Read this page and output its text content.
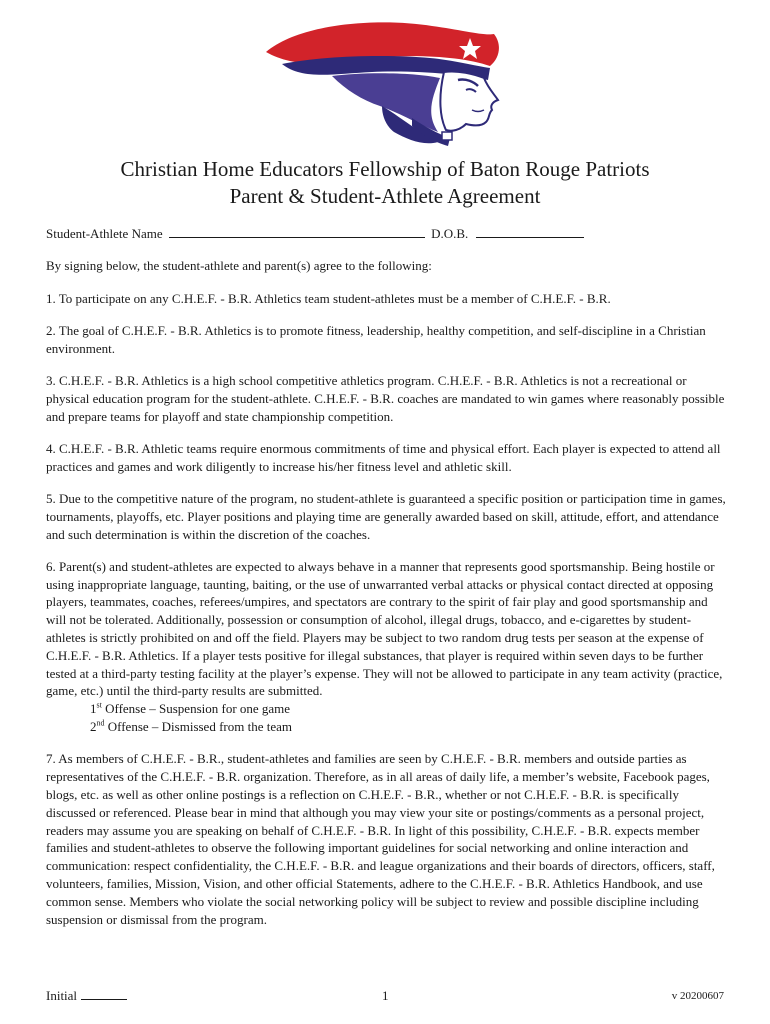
Christian Home Educators Fellowship of Baton Rouge Patriots
Parent & Student-Athlete Agreement

Student-Athlete Name	D.O.B.

By signing below, the student-athlete and parent(s) agree to the following:

1. To participate on any C.H.E.F. - B.R. Athletics team student-athletes must be a member of C.H.E.F. - B.R.

2. The goal of C.H.E.F. - B.R. Athletics is to promote fitness, leadership, healthy competition, and self-discipline in a Christian environment.

3. C.H.E.F. - B.R. Athletics is a high school competitive athletics program. C.H.E.F. - B.R. Athletics is not a recreational or physical education program for the student-athlete. C.H.E.F. - B.R. coaches are mandated to win games where reasonably possible and prepare teams for playoff and state championship competition.

4. C.H.E.F. - B.R. Athletic teams require enormous commitments of time and physical effort. Each player is expected to attend all practices and games and work diligently to increase his/her fitness level and athletic skill.

5. Due to the competitive nature of the program, no student-athlete is guaranteed a specific position or participation time in games, tournaments, playoffs, etc. Player positions and playing time are generally awarded based on skill, attitude, effort, and attendance and such determination is within the discretion of the coaches.

6. Parent(s) and student-athletes are expected to always behave in a manner that represents good sportsmanship. Being hostile or using inappropriate language, taunting, baiting, or the use of unwarranted verbal attacks or physical contact directed at opposing players, teammates, coaches, referees/umpires, and spectators are contrary to the spirit of fair play and good sportsmanship and will not be tolerated. Additionally, possession or consumption of alcohol, illegal drugs, tobacco, and e-cigarettes by student-athletes is strictly prohibited on and off the field. Players may be subject to two random drug tests per season at the expense of C.H.E.F. - B.R. Athletics. If a player tests positive for illegal substances, that player is required within seven days to be further tested at a third-party testing facility at the player’s expense. They will not be allowed to participate in any team activity (practice, game, etc.) until the third-party results are submitted.
1st Offense – Suspension for one game
2nd Offense – Dismissed from the team

7. As members of C.H.E.F. - B.R., student-athletes and families are seen by C.H.E.F. - B.R. members and outside parties as representatives of the C.H.E.F. - B.R. organization. Therefore, as in all areas of daily life, a member’s website, Facebook pages, blogs, etc. as well as other online postings is a reflection on C.H.E.F. - B.R., whether or not C.H.E.F. - B.R. is specifically discussed or referenced. Please bear in mind that although you may view your site or postings/comments as a personal project, readers may assume you are speaking on behalf of C.H.E.F. - B.R. In light of this possibility, C.H.E.F. - B.R. expects member families and student-athletes to observe the following important guidelines for social networking and online interaction and communication: respect confidentiality, the C.H.E.F. - B.R. and league organizations and their boards of directors, officers, staff, volunteers, families, Mission, Vision, and other official Statements, adhere to the C.H.E.F. - B.R. Athletics Handbook, and use common sense. Members who violate the social networking policy will be subject to review and possible discipline including suspension or dismissal from the program.

Initial	1	v 20200607
